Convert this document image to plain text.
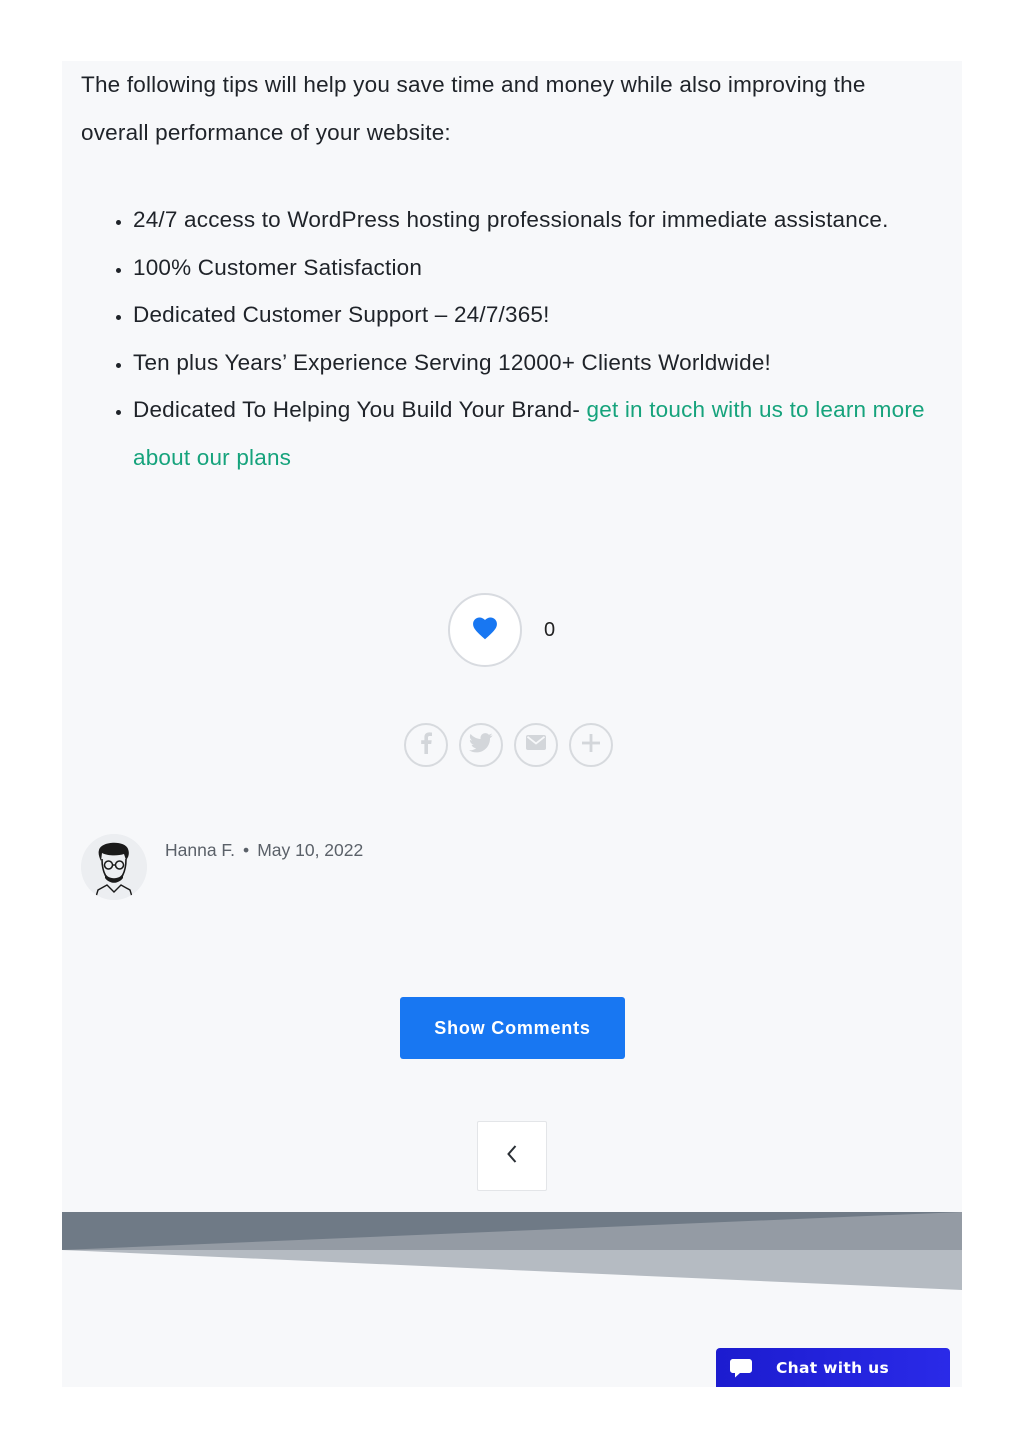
The following tips will help you save time and money while also improving the
overall performance of your website:

• 24/7 access to WordPress hosting professionals for immediate assistance.
• 100% Customer Satisfaction
• Dedicated Customer Support – 24/7/365!
• Ten plus Years’ Experience Serving 12000+ Clients Worldwide!
• Dedicated To Helping You Build Your Brand- get in touch with us to learn more about our plans
0
Hanna F. • May 10, 2022
Show Comments
Chat with us
